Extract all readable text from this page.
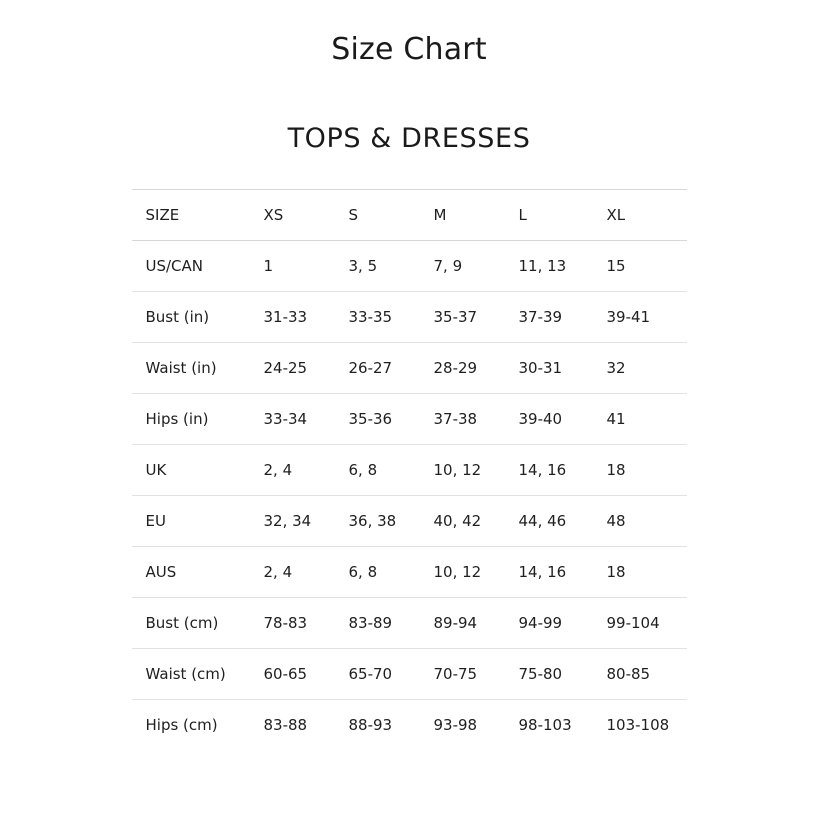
Size Chart
TOPS & DRESSES
SIZE	XS	S	M	L	XL
US/CAN	1	3, 5	7, 9	11, 13	15
Bust (in)	31-33	33-35	35-37	37-39	39-41
Waist (in)	24-25	26-27	28-29	30-31	32
Hips (in)	33-34	35-36	37-38	39-40	41
UK	2, 4	6, 8	10, 12	14, 16	18
EU	32, 34	36, 38	40, 42	44, 46	48
AUS	2, 4	6, 8	10, 12	14, 16	18
Bust (cm)	78-83	83-89	89-94	94-99	99-104
Waist (cm)	60-65	65-70	70-75	75-80	80-85
Hips (cm)	83-88	88-93	93-98	98-103	103-108
